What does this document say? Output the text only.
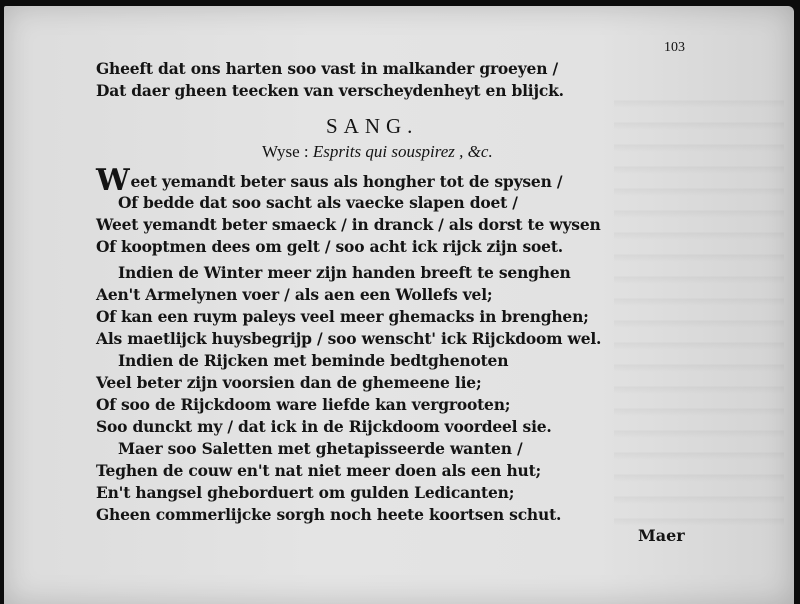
103
Gheeft dat ons harten soo vast in malkander groeyen /
Dat daer gheen teecken van verscheydenheyt en blijck.
SANG.
Wyse : Esprits qui souspirez , &c.
Weet yemandt beter saus als hongher tot de spysen /
Of bedde dat soo sacht als vaecke slapen doet /
Weet yemandt beter smaeck / in dranck / als dorst te wysen
Of kooptmen dees om gelt / soo acht ick rijck zijn soet.
Indien de Winter meer zijn handen breeft te senghen
Aen't Armelynen voer / als aen een Wollefs vel;
Of kan een ruym paleys veel meer ghemacks in brenghen;
Als maetlijck huysbegrijp / soo wenscht' ick Rijckdoom wel.
Indien de Rijcken met beminde bedtghenoten
Veel beter zijn voorsien dan de ghemeene lie;
Of soo de Rijckdoom ware liefde kan vergrooten;
Soo dunckt my / dat ick in de Rijckdoom voordeel sie.
Maer soo Saletten met ghetapisseerde wanten /
Teghen de couw en't nat niet meer doen als een hut;
En't hangsel gheborduert om gulden Ledicanten;
Gheen commerlijcke sorgh noch heete koortsen schut.
Maer
